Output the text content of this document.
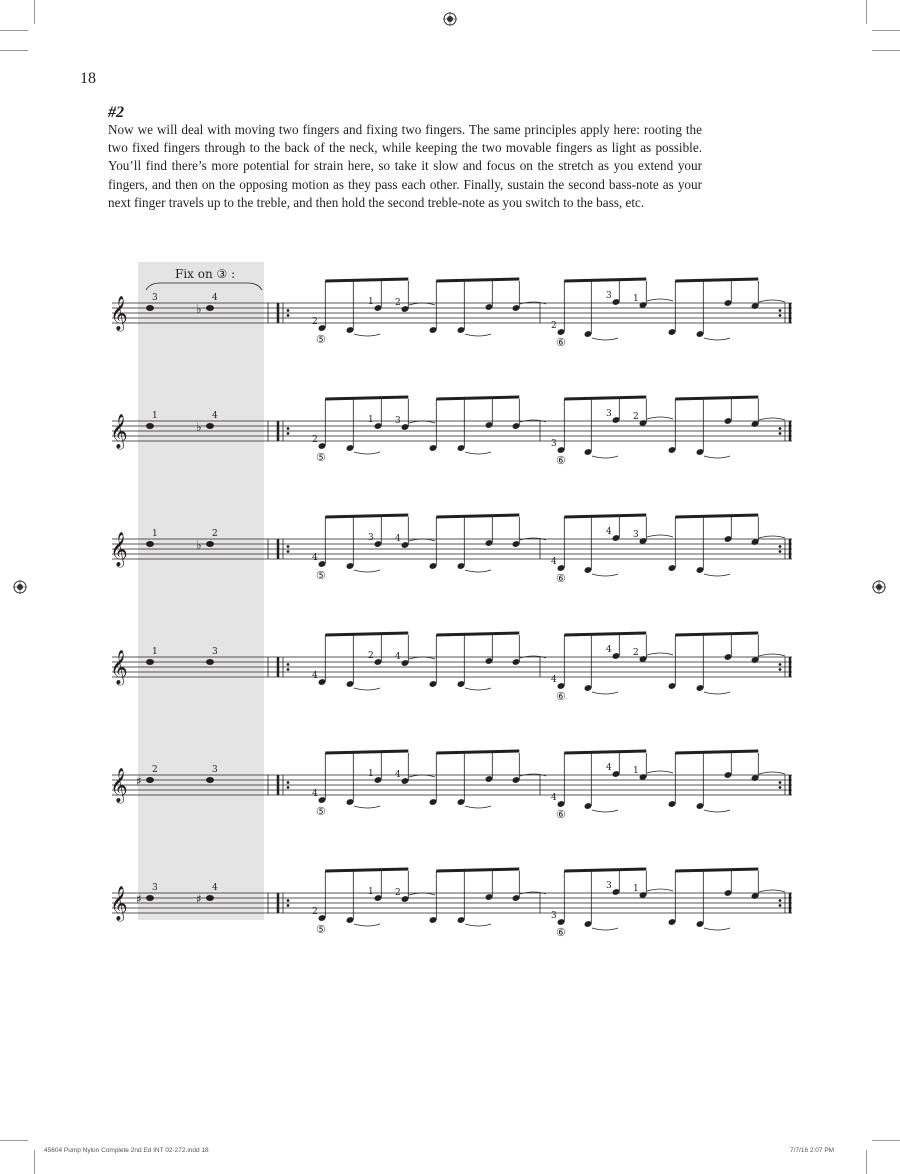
18
#2

Now we will deal with moving two fingers and fixing two fingers. The same principles apply here: rooting the two fixed fingers through to the back of the neck, while keeping the two movable fingers as light as possible. You’ll find there’s more potential for strain here, so take it slow and focus on the stretch as you extend your fingers, and then on the opposing motion as they pass each other. Finally, sustain the second bass-note as your next finger travels up to the treble, and then hold the second treble-note as you switch to the bass, etc.

Fix on ③ :
𝄞	3
♭
4
2
1 2
2
3 1
⑤	⑥
𝄞	1
♭
4
2
1 3
3
3 2
⑤	⑥
𝄞	1
♭
2
4
3 4
4
4 3
⑤	⑥
𝄞	1	3
4
2 4
4
4 2
⑥
𝄞 ♯
2	3
4
1 4
4
4 1
⑤	⑥
𝄞 ♯
3
♯
4
2
1 2
3
3 1
⑤	⑥
45604 Pump Nylon Complete 2nd Ed INT 02-272.indd 18	7/7/16 2:07 PM
